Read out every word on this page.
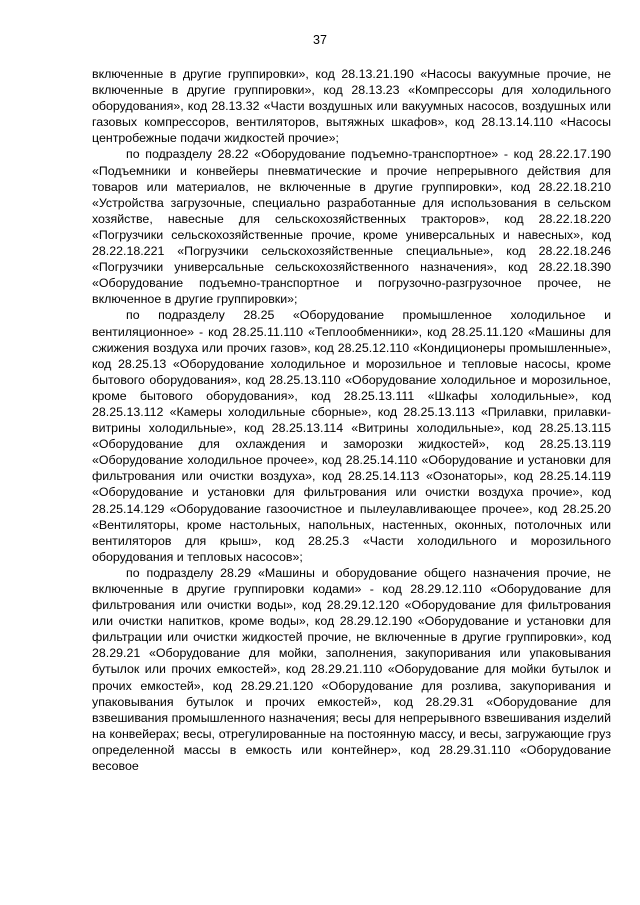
37

включенные в другие группировки», код 28.13.21.190 «Насосы вакуумные прочие, не включенные в другие группировки», код 28.13.23 «Компрессоры для холодильного оборудования», код 28.13.32 «Части воздушных или вакуумных насосов, воздушных или газовых компрессоров, вентиляторов, вытяжных шкафов», код 28.13.14.110 «Насосы центробежные подачи жидкостей прочие»;

по подразделу 28.22 «Оборудование подъемно-транспортное» - код 28.22.17.190 «Подъемники и конвейеры пневматические и прочие непрерывного действия для товаров или материалов, не включенные в другие группировки», код 28.22.18.210 «Устройства загрузочные, специально разработанные для использования в сельском хозяйстве, навесные для сельскохозяйственных тракторов», код 28.22.18.220 «Погрузчики сельскохозяйственные прочие, кроме универсальных и навесных», код 28.22.18.221 «Погрузчики сельскохозяйственные специальные», код 28.22.18.246 «Погрузчики универсальные сельскохозяйственного назначения», код 28.22.18.390 «Оборудование подъемно-транспортное и погрузочно-разгрузочное прочее, не включенное в другие группировки»;

по подразделу 28.25 «Оборудование промышленное холодильное и вентиляционное» - код 28.25.11.110 «Теплообменники», код 28.25.11.120 «Машины для сжижения воздуха или прочих газов», код 28.25.12.110 «Кондиционеры промышленные», код 28.25.13 «Оборудование холодильное и морозильное и тепловые насосы, кроме бытового оборудования», код 28.25.13.110 «Оборудование холодильное и морозильное, кроме бытового оборудования», код 28.25.13.111 «Шкафы холодильные», код 28.25.13.112 «Камеры холодильные сборные», код 28.25.13.113 «Прилавки, прилавки-витрины холодильные», код 28.25.13.114 «Витрины холодильные», код 28.25.13.115 «Оборудование для охлаждения и заморозки жидкостей», код 28.25.13.119 «Оборудование холодильное прочее», код 28.25.14.110 «Оборудование и установки для фильтрования или очистки воздуха», код 28.25.14.113 «Озонаторы», код 28.25.14.119 «Оборудование и установки для фильтрования или очистки воздуха прочие», код 28.25.14.129 «Оборудование газоочистное и пылеулавливающее прочее», код 28.25.20 «Вентиляторы, кроме настольных, напольных, настенных, оконных, потолочных или вентиляторов для крыш», код 28.25.3 «Части холодильного и морозильного оборудования и тепловых насосов»;

по подразделу 28.29 «Машины и оборудование общего назначения прочие, не включенные в другие группировки кодами» - код 28.29.12.110 «Оборудование для фильтрования или очистки воды», код 28.29.12.120 «Оборудование для фильтрования или очистки напитков, кроме воды», код 28.29.12.190 «Оборудование и установки для фильтрации или очистки жидкостей прочие, не включенные в другие группировки», код 28.29.21 «Оборудование для мойки, заполнения, закупоривания или упаковывания бутылок или прочих емкостей», код 28.29.21.110 «Оборудование для мойки бутылок и прочих емкостей», код 28.29.21.120 «Оборудование для розлива, закупоривания и упаковывания бутылок и прочих емкостей», код 28.29.31 «Оборудование для взвешивания промышленного назначения; весы для непрерывного взвешивания изделий на конвейерах; весы, отрегулированные на постоянную массу, и весы, загружающие груз определенной массы в емкость или контейнер», код 28.29.31.110 «Оборудование весовое
